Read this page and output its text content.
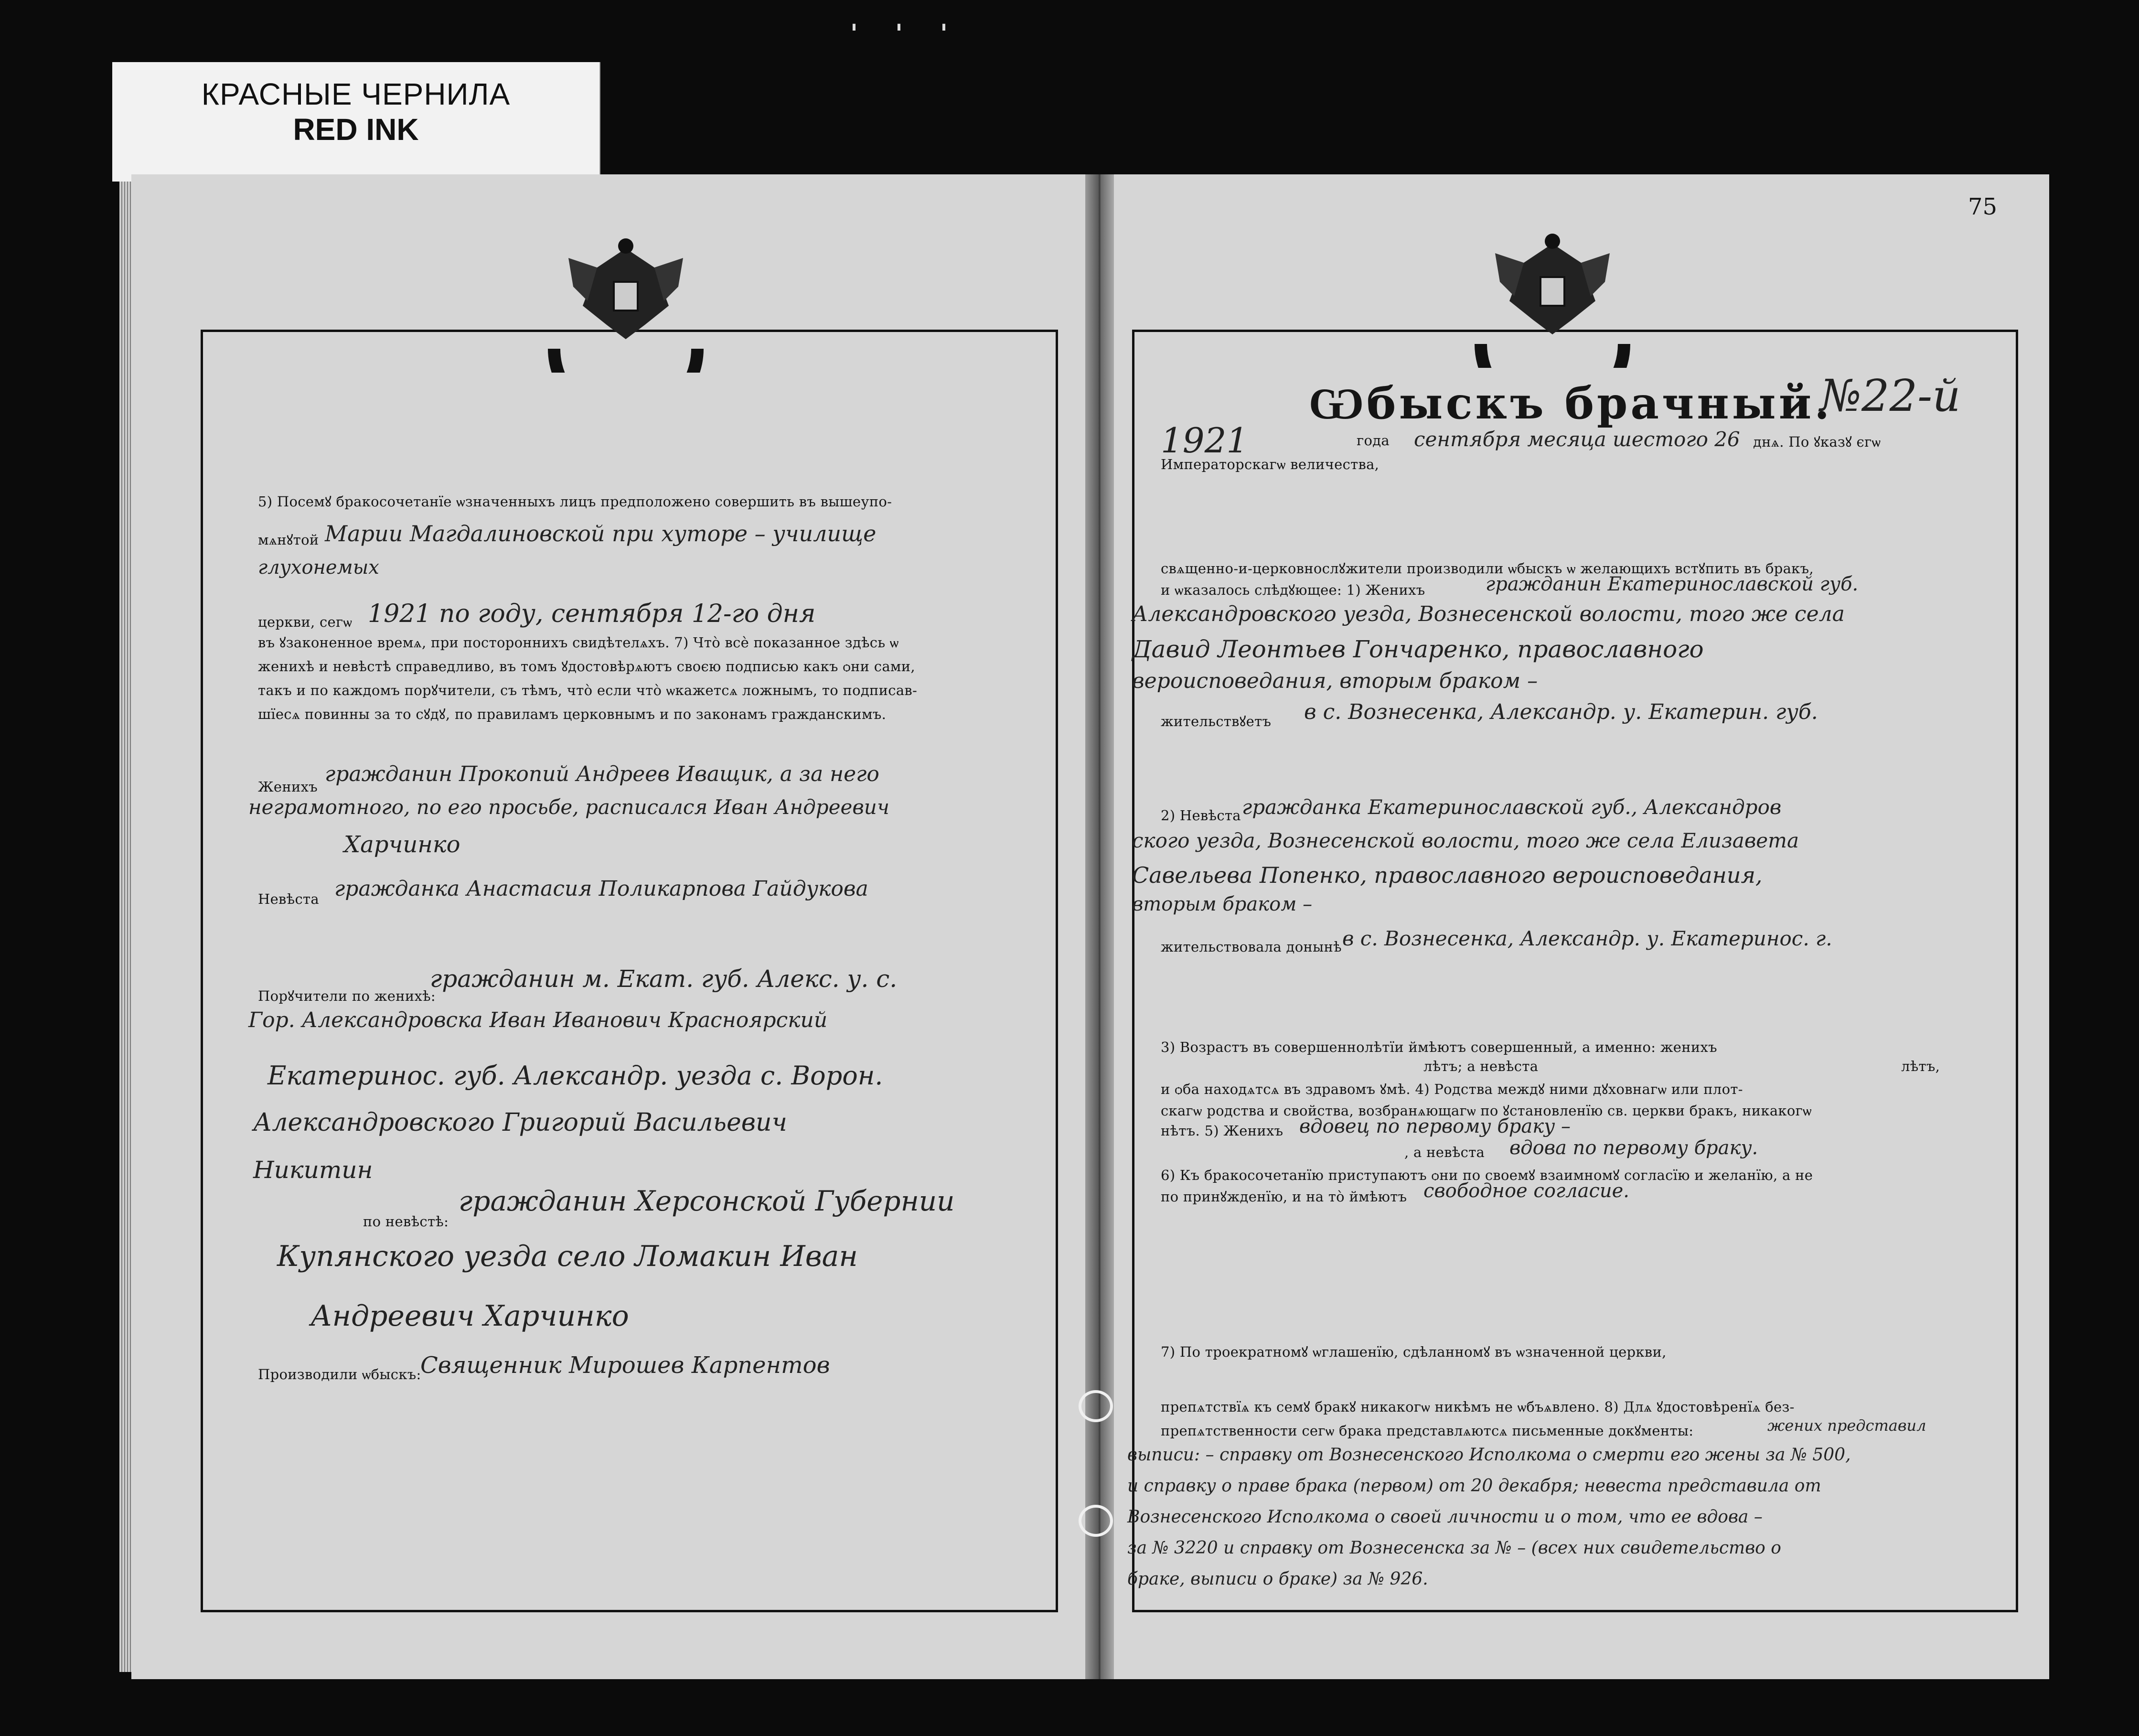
КРАСНЫЕ ЧЕРНИЛА
RED INK
' ' '
75
5) Посемꙋ бракосочетанїе ѡзначенныхъ лицъ предположено совершить въ вышеупо-
мѧнꙋтой Марии Магдалиновской при хуторе – училище
глухонемых
церкви, сегѡ 1921 по году, сентября 12-го дня
въ ꙋзаконенное времѧ, при постороннихъ свидѣтелѧхъ. 7) Что̀ всѐ показанное здѣсь ѡ
женихѣ и невѣстѣ справедливо, въ томъ ꙋдостовѣрѧютъ своєю подписью какъ ѻни сами,
такъ и по каждомъ порꙋчители, съ тѣмъ, что̀ если что̀ ѡкажетсѧ ложнымъ, то подписав-
шїесѧ повинны за то сꙋдꙋ, по правиламъ церковнымъ и по законамъ гражданскимъ.
Женихъ
гражданин Прокопий Андреев Иващик, а за него
неграмотного, по его просьбе, расписался Иван Андреевич
Харчинко
Невѣста гражданка Анастасия Поликарпова Гайдукова
Порꙋчители по женихѣ:
гражданин м. Екат. губ. Алекс. у. с.
Гор. Александровска Иван Иванович Красноярский
Екатеринос. губ. Александр. уезда с. Ворон.
Александровского Григорий Васильевич
Никитин
по невѣстѣ:
гражданин Херсонской Губернии
Купянского уезда село Ломакин Иван
Андреевич Харчинко
Производили ѡбыскъ:
Священник Мирошев Карпентов
Ѡбыскъ брачный.
№22-й
1921	года сентября месяца шестого 26 днѧ. По ꙋказꙋ єгѡ
Императорскагѡ величества,
свѧщенно-и-церковнослꙋжители производили ѡбыскъ ѡ желающихъ встꙋпить въ бракъ,
и ѡказалось слѣдꙋющее: 1) Женихъ	гражданин Екатеринославской губ.
Александровского уезда, Вознесенской волости, того же села
Давид Леонтьев Гончаренко, православного
вероисповедания, вторым браком –
жительствꙋетъ в с. Вознесенка, Александр. у. Екатерин. губ.
2) Невѣста гражданка Екатеринославской губ., Александров
ского уезда, Вознесенской волости, того же села Елизавета
Савельева Попенко, православного вероисповедания,
вторым браком –
жительствовала донынѣ в с. Вознесенка, Александр. у. Екатеринос. г.
3) Возрастъ въ совершеннолѣтїи ймѣютъ совершенный, а именно: женихъ
лѣтъ; а невѣста	лѣтъ,
и ѻба находѧтсѧ въ здравомъ ꙋмѣ. 4) Родства междꙋ ними дꙋховнагѡ или плот-
скагѡ родства и свойства, возбранѧющагѡ по ꙋстановленїю св. церкви бракъ, никакогѡ
нѣтъ. 5) Женихъ вдовец по первому браку –
, а невѣста вдова по первому браку.
6) Къ бракосочетанїю приступаютъ ѻни по своемꙋ взаимномꙋ согласїю и желанїю, а не
по принꙋжденїю, и на то̀ ймѣютъ свободное согласие.
7) По троекратномꙋ ѡглашенїю, сдѣланномꙋ въ ѡзначенной церкви,
препѧтствїѧ къ семꙋ бракꙋ никакогѡ никѣмъ не ѡбъѧвлено. 8) Длѧ ꙋдостовѣренїѧ без-
препѧтственности сегѡ брака представлѧютсѧ письменные докꙋменты:	жених представил
выписи: – справку от Вознесенского Исполкома о смерти его жены за № 500,
и справку о праве брака (первом) от 20 декабря; невеста представила от
Вознесенского Исполкома о своей личности и о том, что ее вдова –
за № 3220 и справку от Вознесенска за № – (всех них свидетельство о
браке, выписи о браке) за № 926.
